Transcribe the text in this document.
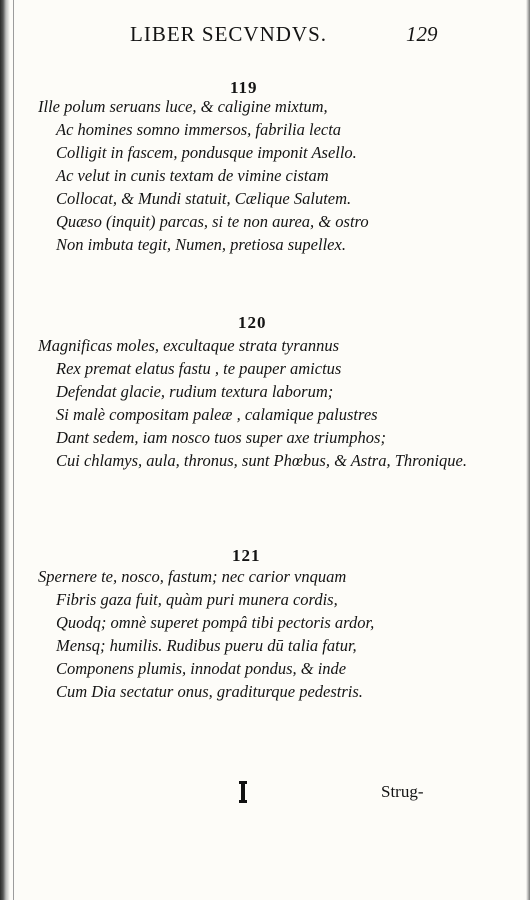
LIBER SECVNDVS.	129
119
Ille polum seruans luce, & caligine mixtum,
Ac homines somno immersos, fabrilia lecta
Colligit in fascem, pondusque imponit Asello.
Ac velut in cunis textam de vimine cistam
Collocat, & Mundi statuit, Cælique Salutem.
Quæso (inquit) parcas, si te non aurea, & ostro
Non imbuta tegit, Numen, pretiosa supellex.
120
Magnificas moles, excultaque strata tyrannus
Rex premat elatus fastu , te pauper amictus
Defendat glacie, rudium textura laborum;
Si malè compositam paleæ , calamique palustres
Dant sedem, iam nosco tuos super axe triumphos;
Cui chlamys, aula, thronus, sunt Phœbus, & Astra, Thronique.
121
Spernere te, nosco, fastum; nec carior vnquam
Fibris gaza fuit, quàm puri munera cordis,
Quodq; omnè superet pompâ tibi pectoris ardor,
Mensq; humilis. Rudibus pueru dū talia fatur,
Componens plumis, innodat pondus, & inde
Cum Dia sectatur onus, graditurque pedestris.
Strug-
